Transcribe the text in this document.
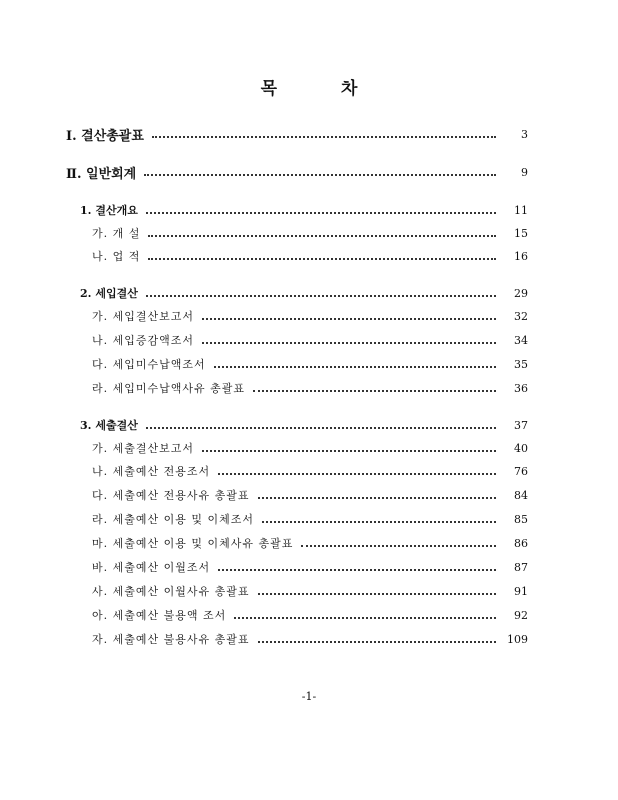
목	차
Ⅰ. 결산총괄표	3
Ⅱ. 일반회계	9
1. 결산개요	11
가. 개 설	15
나. 업 적	16
2. 세입결산	29
가. 세입결산보고서	32
나. 세입증감액조서	34
다. 세입미수납액조서	35
라. 세입미수납액사유 총괄표	36
3. 세출결산	37
가. 세출결산보고서	40
나. 세출예산 전용조서	76
다. 세출예산 전용사유 총괄표	84
라. 세출예산 이용 및 이체조서	85
마. 세출예산 이용 및 이체사유 총괄표	86
바. 세출예산 이월조서	87
사. 세출예산 이월사유 총괄표	91
아. 세출예산 불용액 조서	92
자. 세출예산 불용사유 총괄표	109
-1-
